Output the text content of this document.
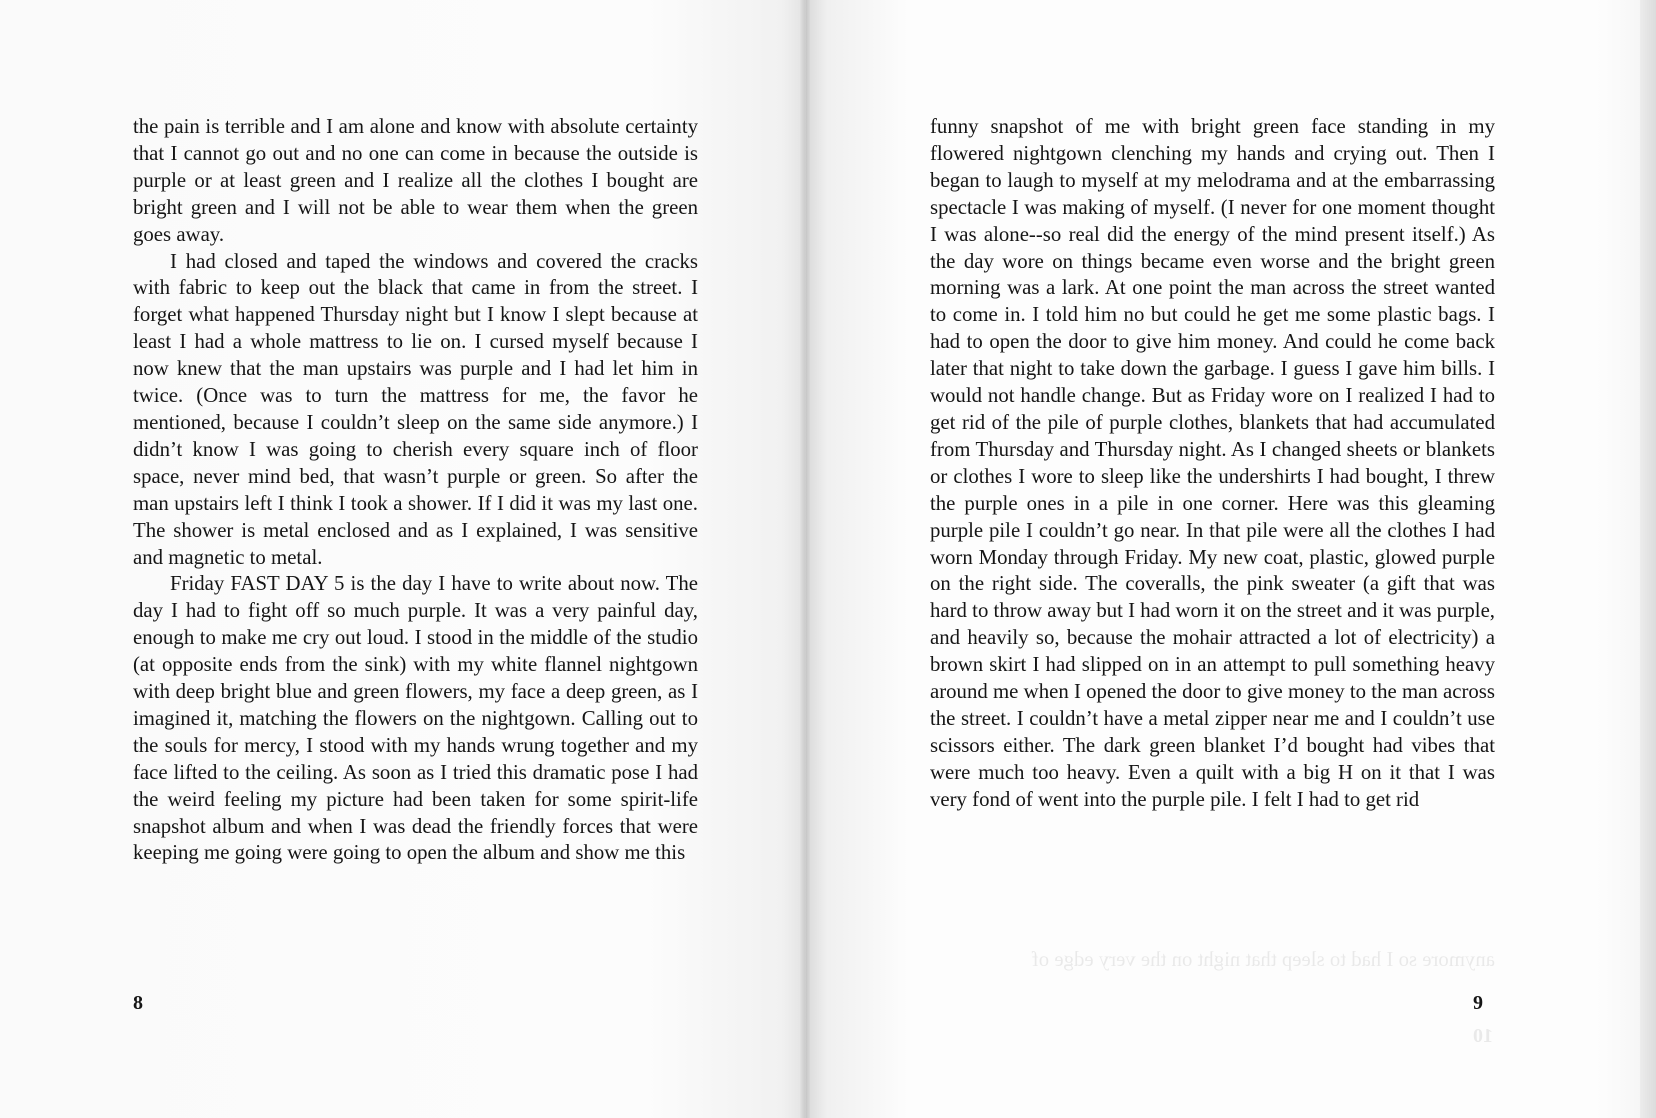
the pain is terrible and I am alone and know with absolute certainty that I cannot go out and no one can come in because the outside is purple or at least green and I realize all the clothes I bought are bright green and I will not be able to wear them when the green goes away.

I had closed and taped the windows and covered the cracks with fabric to keep out the black that came in from the street. I forget what happened Thursday night but I know I slept because at least I had a whole mattress to lie on. I cursed myself because I now knew that the man upstairs was purple and I had let him in twice. (Once was to turn the mattress for me, the favor he mentioned, because I couldn’t sleep on the same side anymore.) I didn’t know I was going to cherish every square inch of floor space, never mind bed, that wasn’t purple or green. So after the man upstairs left I think I took a shower. If I did it was my last one. The shower is metal enclosed and as I explained, I was sensitive and magnetic to metal.

Friday FAST DAY 5 is the day I have to write about now. The day I had to fight off so much purple. It was a very painful day, enough to make me cry out loud. I stood in the middle of the studio (at opposite ends from the sink) with my white flannel nightgown with deep bright blue and green flowers, my face a deep green, as I imagined it, matching the flowers on the nightgown. Calling out to the souls for mercy, I stood with my hands wrung together and my face lifted to the ceiling. As soon as I tried this dramatic pose I had the weird feeling my picture had been taken for some spirit-life snapshot album and when I was dead the friendly forces that were keeping me going were going to open the album and show me this

8

funny snapshot of me with bright green face standing in my flowered nightgown clenching my hands and crying out. Then I began to laugh to myself at my melodrama and at the embarrassing spectacle I was making of myself. (I never for one moment thought I was alone--so real did the energy of the mind present itself.) As the day wore on things became even worse and the bright green morning was a lark. At one point the man across the street wanted to come in. I told him no but could he get me some plastic bags. I had to open the door to give him money. And could he come back later that night to take down the garbage. I guess I gave him bills. I would not handle change. But as Friday wore on I realized I had to get rid of the pile of purple clothes, blankets that had accumulated from Thursday and Thursday night. As I changed sheets or blankets or clothes I wore to sleep like the undershirts I had bought, I threw the purple ones in a pile in one corner. Here was this gleaming purple pile I couldn’t go near. In that pile were all the clothes I had worn Monday through Friday. My new coat, plastic, glowed purple on the right side. The coveralls, the pink sweater (a gift that was hard to throw away but I had worn it on the street and it was purple, and heavily so, because the mohair attracted a lot of electricity) a brown skirt I had slipped on in an attempt to pull something heavy around me when I opened the door to give money to the man across the street. I couldn’t have a metal zipper near me and I couldn’t use scissors either. The dark green blanket I’d bought had vibes that were much too heavy. Even a quilt with a big H on it that I was very fond of went into the purple pile. I felt I had to get rid

anymore so I had to sleep that night on the very edge of
9
10
